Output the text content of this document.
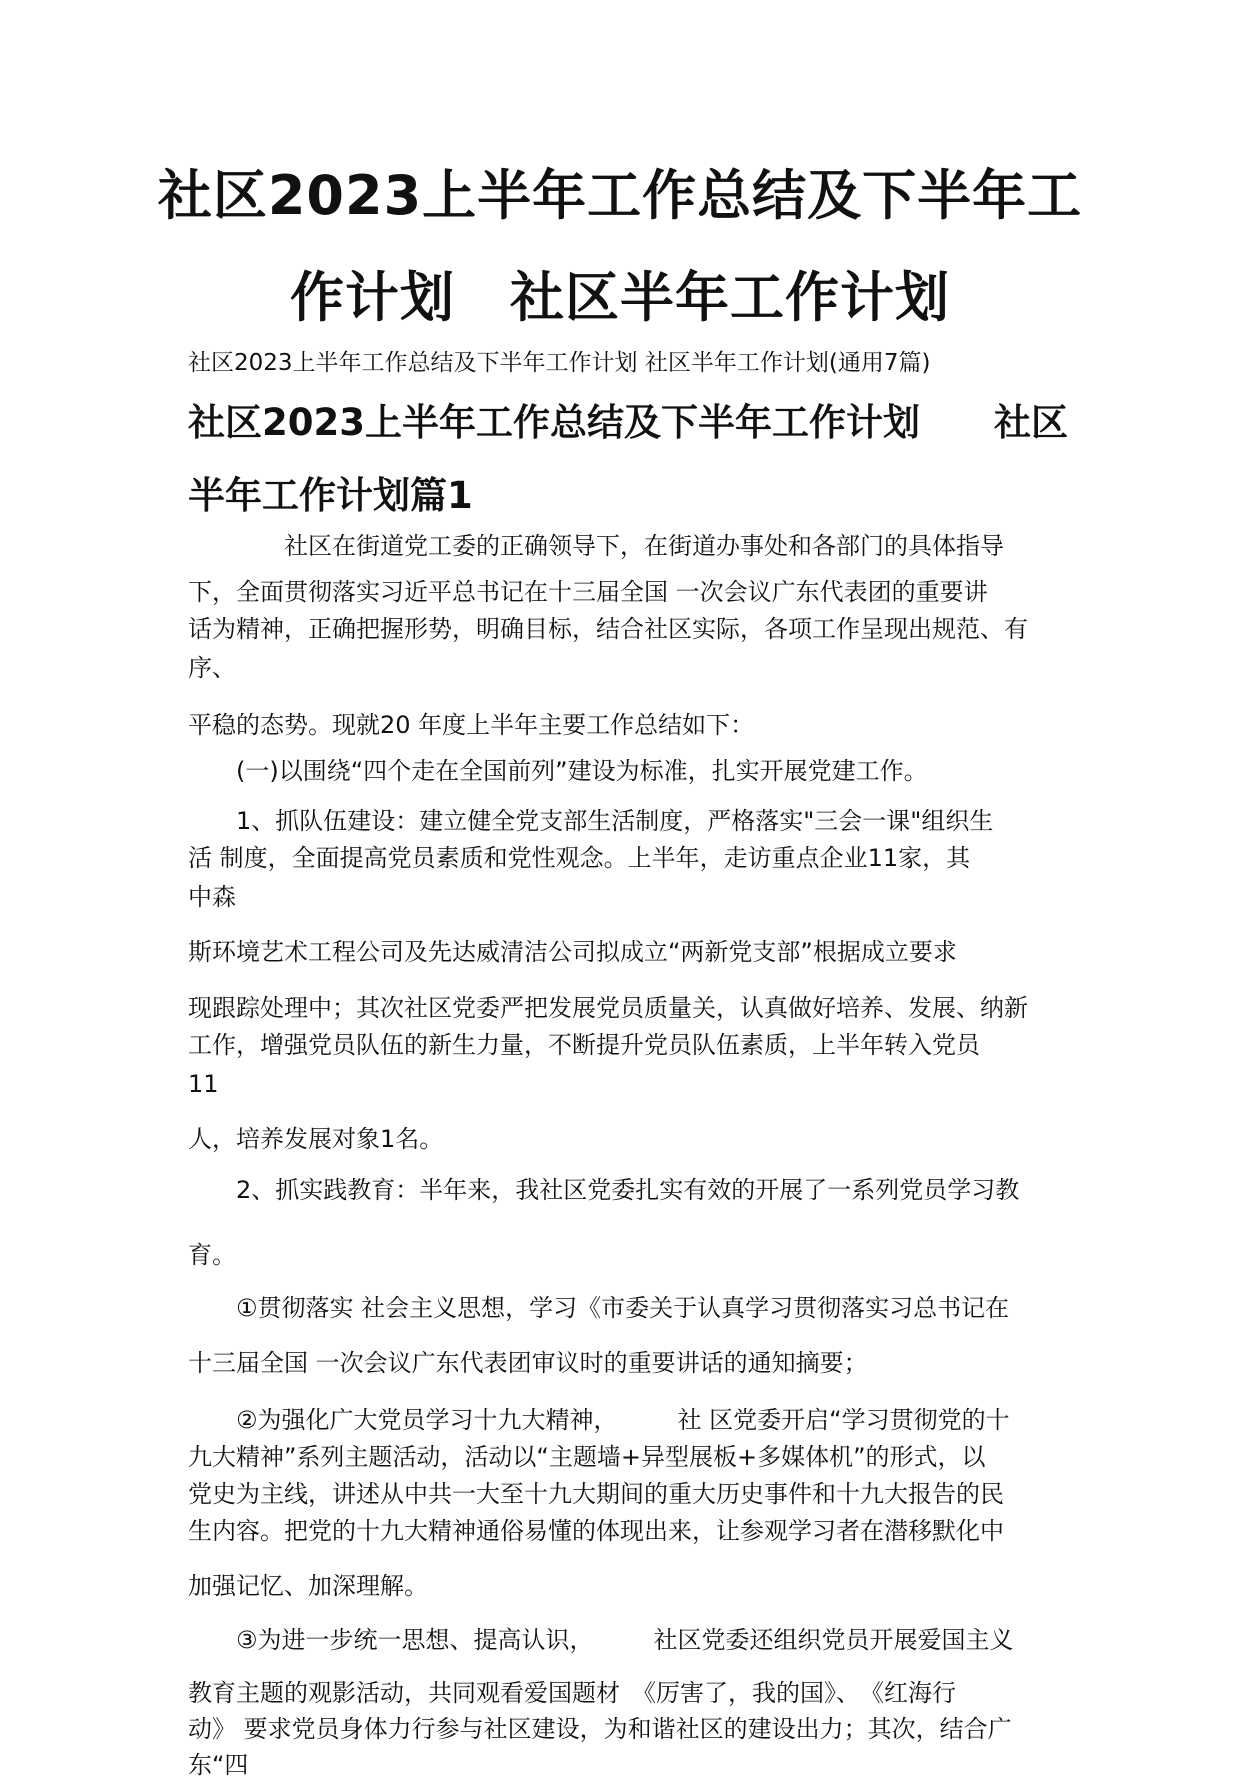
社区2023上半年工作总结及下半年工
作计划　社区半年工作计划
社区2023上半年工作总结及下半年工作计划 社区半年工作计划(通用7篇)
社区2023上半年工作总结及下半年工作计划 社区
半年工作计划篇1
　　　　社区在街道党工委的正确领导下，在街道办事处和各部门的具体指导
下，全面贯彻落实习近平总书记在十三届全国 一次会议广东代表团的重要讲
话为精神，正确把握形势，明确目标，结合社区实际，各项工作呈现出规范、有
序、
平稳的态势。现就20 年度上半年主要工作总结如下：
　　(一)以围绕“四个走在全国前列”建设为标准，扎实开展党建工作。
　　1、抓队伍建设：建立健全党支部生活制度，严格落实"三会一课"组织生
活 制度，全面提高党员素质和党性观念。上半年，走访重点企业11家，其
中森
斯环境艺术工程公司及先达威清洁公司拟成立“两新党支部”根据成立要求
现跟踪处理中；其次社区党委严把发展党员质量关，认真做好培养、发展、纳新
工作，增强党员队伍的新生力量，不断提升党员队伍素质，上半年转入党员
11
人，培养发展对象1名。
　　2、抓实践教育：半年来，我社区党委扎实有效的开展了一系列党员学习教
育。
　　①贯彻落实 社会主义思想，学习《市委关于认真学习贯彻落实习总书记在
十三届全国 一次会议广东代表团审议时的重要讲话的通知摘要；
　　②为强化广大党员学习十九大精神，　　　社 区党委开启“学习贯彻党的十
九大精神”系列主题活动，活动以“主题墙+异型展板+多媒体机”的形式，以
党史为主线，讲述从中共一大至十九大期间的重大历史事件和十九大报告的民
生内容。把党的十九大精神通俗易懂的体现出来，让参观学习者在潜移默化中
加强记忆、加深理解。
　　③为进一步统一思想、提高认识，　　　社区党委还组织党员开展爱国主义
教育主题的观影活动，共同观看爱国题材　《厉害了，我的国》、　《红海行
动》 要求党员身体力行参与社区建设，为和谐社区的建设出力；其次，结合广
东“四
